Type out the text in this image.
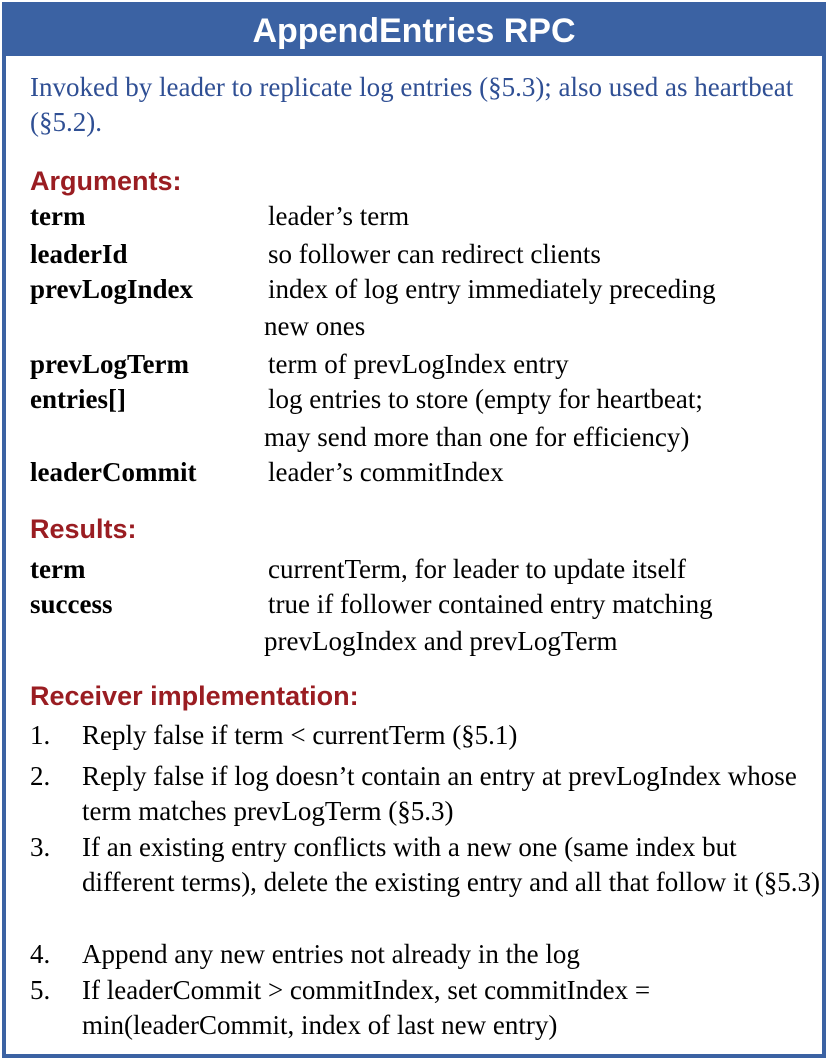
AppendEntries RPC
Invoked by leader to replicate log entries (§5.3); also used as heartbeat (§5.2).
Arguments:
term	leader’s term
leaderId	so follower can redirect clients
prevLogIndex	index of log entry immediately preceding
new ones
prevLogTerm	term of prevLogIndex entry
entries[]	log entries to store (empty for heartbeat;
may send more than one for efficiency)
leaderCommit	leader’s commitIndex
Results:
term	currentTerm, for leader to update itself
success	true if follower contained entry matching
prevLogIndex and prevLogTerm
Receiver implementation:
1. Reply false if term < currentTerm (§5.1)
2. Reply false if log doesn’t contain an entry at prevLogIndex whose term matches prevLogTerm (§5.3)
3. If an existing entry conflicts with a new one (same index but different terms), delete the existing entry and all that follow it (§5.3)
4. Append any new entries not already in the log
5. If leaderCommit > commitIndex, set commitIndex = min(leaderCommit, index of last new entry)
